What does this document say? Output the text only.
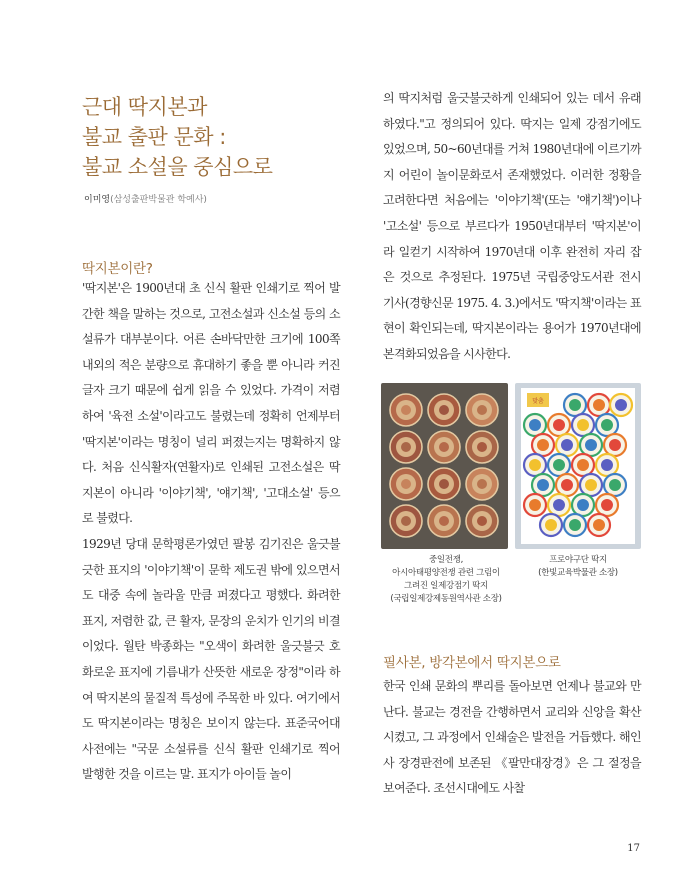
근대 딱지본과
불교 출판 문화 :
불교 소설을 중심으로
이미영(삼성출판박물관 학예사)
딱지본이란?

'딱지본'은 1900년대 초 신식 활판 인쇄기로 찍어 발간한 책을 말하는 것으로, 고전소설과 신소설 등의 소설류가 대부분이다. 어른 손바닥만한 크기에 100쪽 내외의 적은 분량으로 휴대하기 좋을 뿐 아니라 커진 글자 크기 때문에 쉽게 읽을 수 있었다. 가격이 저렴하여 '육전 소설'이라고도 불렸는데 정확히 언제부터 '딱지본'이라는 명칭이 널리 퍼졌는지는 명확하지 않다. 처음 신식활자(연활자)로 인쇄된 고전소설은 딱지본이 아니라 '이야기책', '얘기책', '고대소설' 등으로 불렸다.

1929년 당대 문학평론가였던 팔봉 김기진은 울긋불긋한 표지의 '이야기책'이 문학 제도권 밖에 있으면서도 대중 속에 놀라울 만큼 퍼졌다고 평했다. 화려한 표지, 저렴한 값, 큰 활자, 문장의 운치가 인기의 비결이었다. 월탄 박종화는 "오색이 화려한 울긋불긋 호화로운 표지에 기름내가 산뜻한 새로운 장정"이라 하여 딱지본의 물질적 특성에 주목한 바 있다. 여기에서도 딱지본이라는 명칭은 보이지 않는다. 표준국어대사전에는 "국문 소설류를 신식 활판 인쇄기로 찍어 발행한 것을 이르는 말. 표지가 아이들 놀이

의 딱지처럼 울긋불긋하게 인쇄되어 있는 데서 유래하였다."고 정의되어 있다. 딱지는 일제 강점기에도 있었으며, 50~60년대를 거쳐 1980년대에 이르기까지 어린이 놀이문화로서 존재했었다. 이러한 정황을 고려한다면 처음에는 '이야기책'(또는 '얘기책')이나 '고소설' 등으로 부르다가 1950년대부터 '딱지본'이라 일컫기 시작하여 1970년대 이후 완전히 자리 잡은 것으로 추정된다. 1975년 국립중앙도서관 전시 기사(경향신문 1975. 4. 3.)에서도 '딱지책'이라는 표현이 확인되는데, 딱지본이라는 용어가 1970년대에 본격화되었음을 시사한다.

맞춤
중일전쟁,
아시아태평양전쟁 관련 그림이
그려진 일제강점기 딱지
(국립일제강제동원역사관 소장)
프로야구단 딱지
(한빛교육박물관 소장)
필사본, 방각본에서 딱지본으로

한국 인쇄 문화의 뿌리를 돌아보면 언제나 불교와 만난다. 불교는 경전을 간행하면서 교리와 신앙을 확산시켰고, 그 과정에서 인쇄술은 발전을 거듭했다. 해인사 장경판전에 보존된 《팔만대장경》은 그 절정을 보여준다. 조선시대에도 사찰

17
